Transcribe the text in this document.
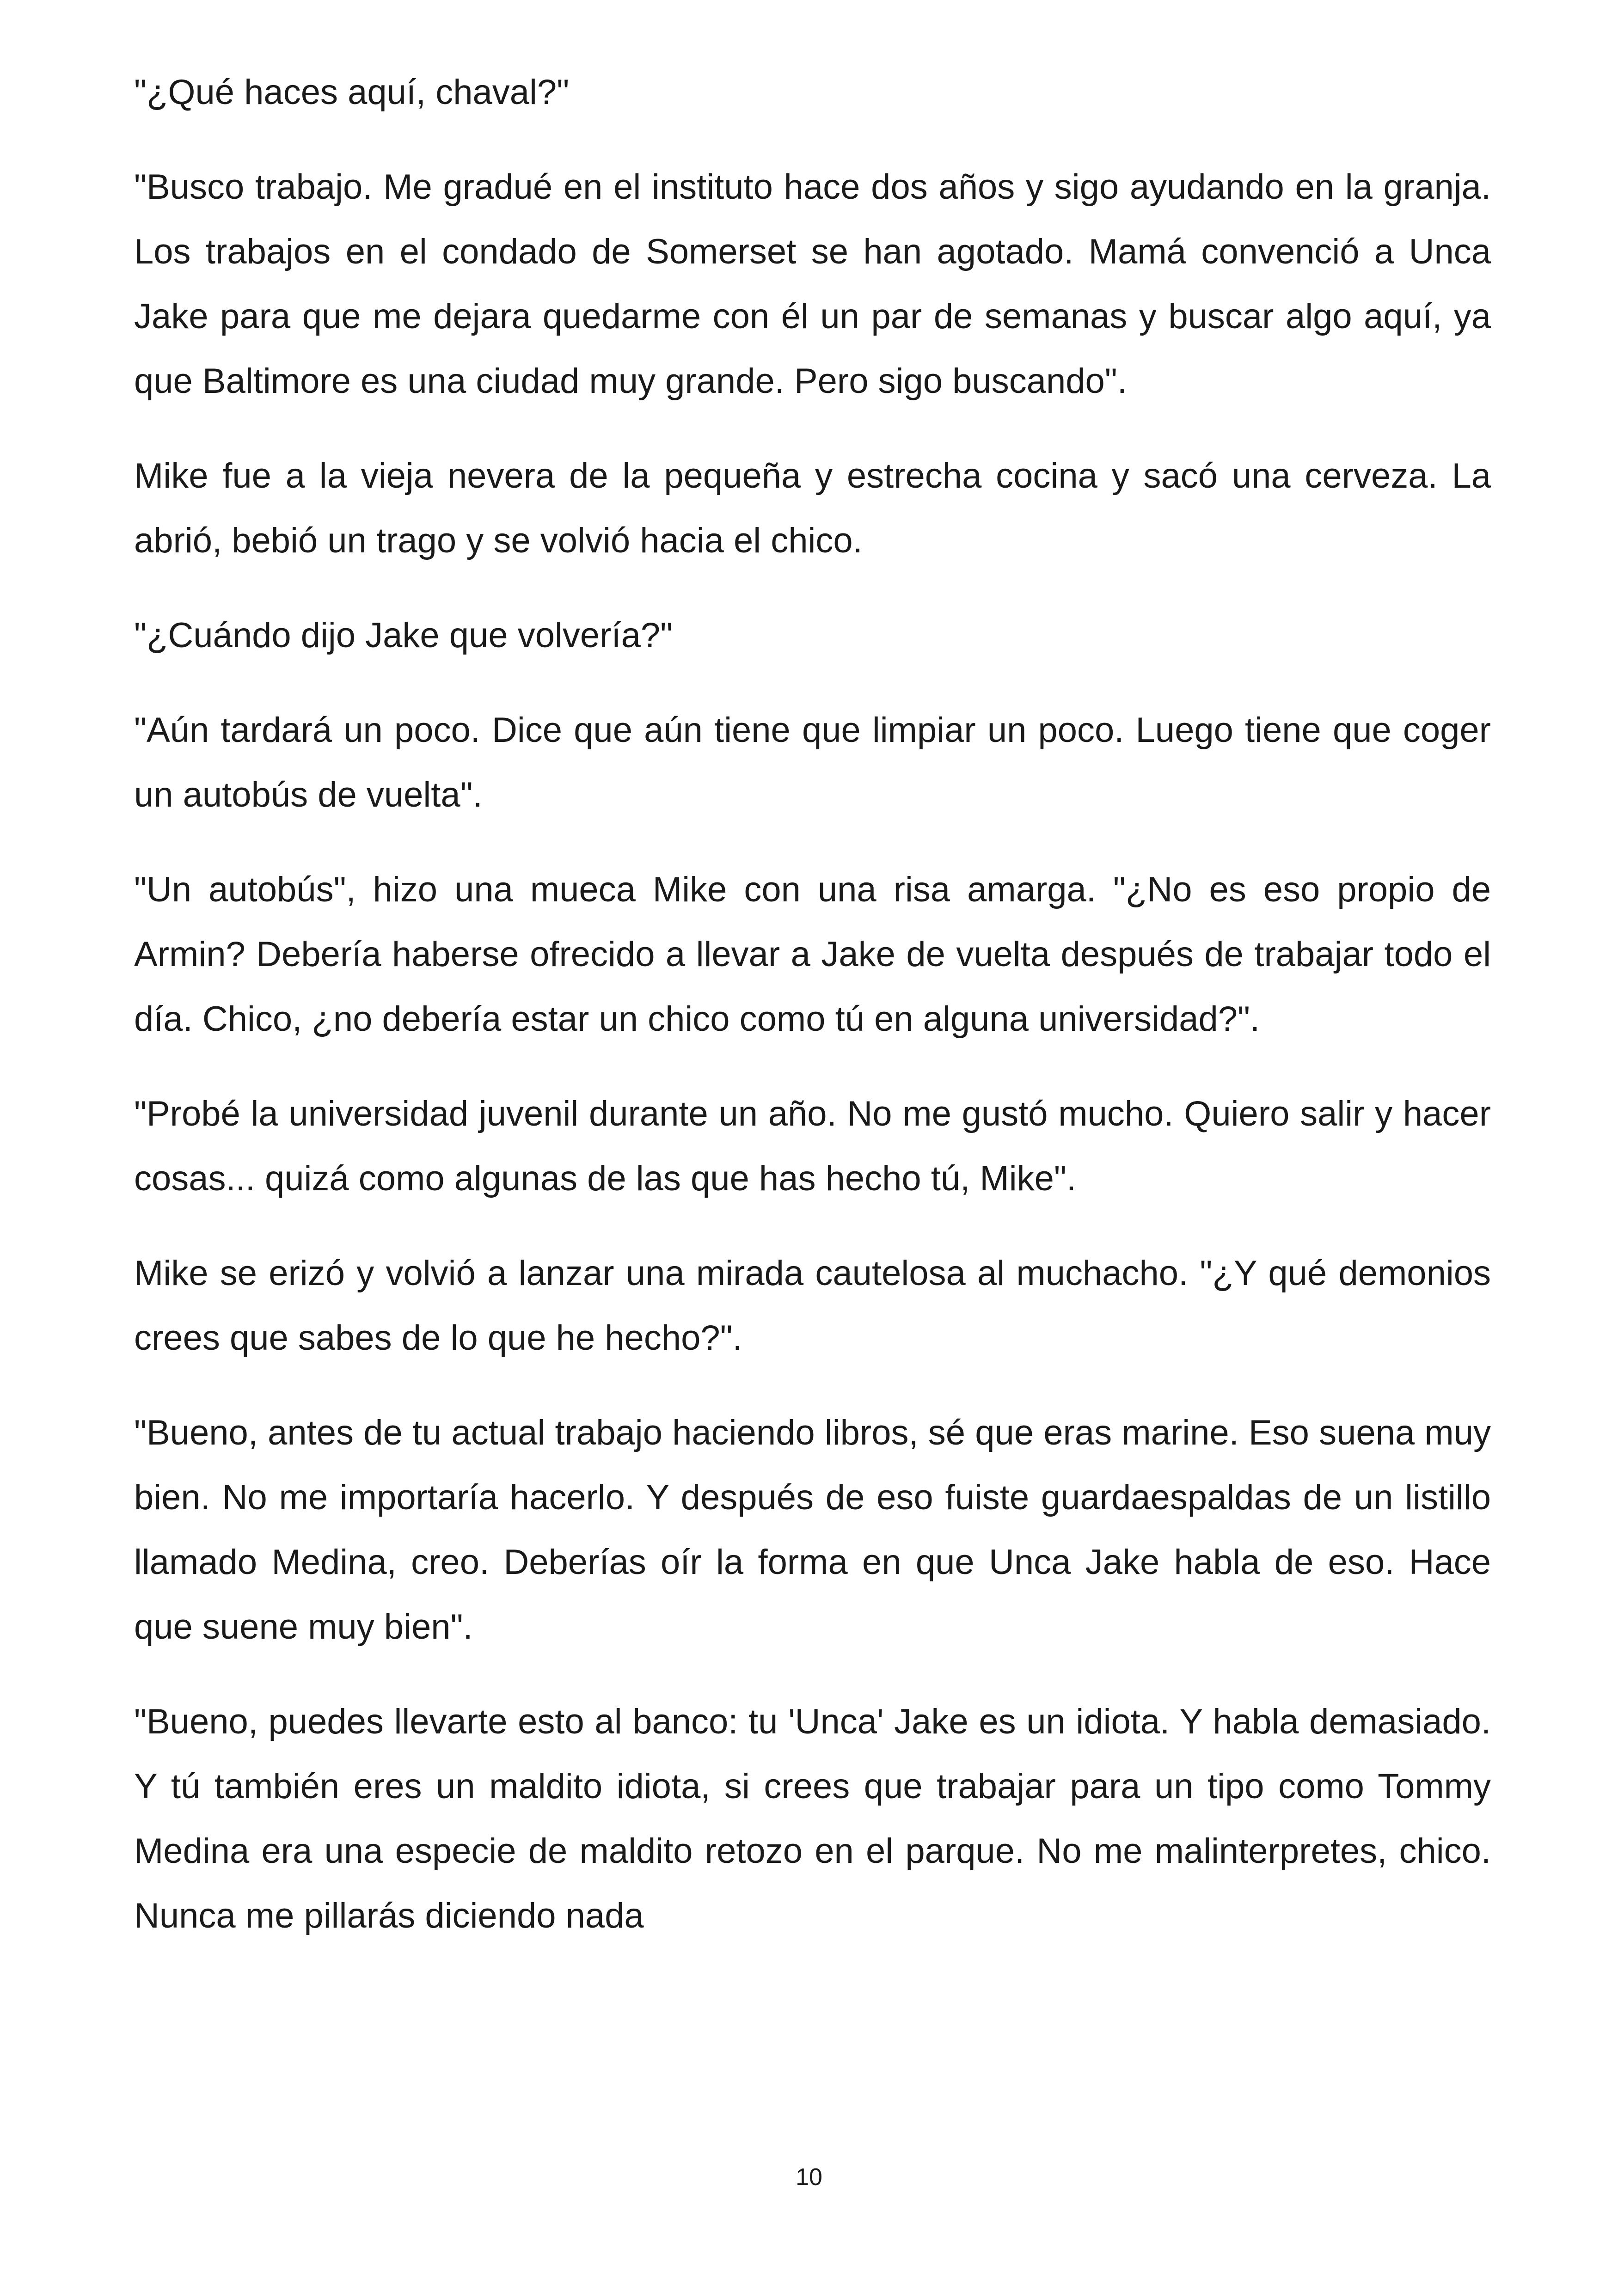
"¿Qué haces aquí, chaval?"

"Busco trabajo. Me gradué en el instituto hace dos años y sigo ayudando en la granja. Los trabajos en el condado de Somerset se han agotado. Mamá convenció a Unca Jake para que me dejara quedarme con él un par de semanas y buscar algo aquí, ya que Baltimore es una ciudad muy grande. Pero sigo buscando".

Mike fue a la vieja nevera de la pequeña y estrecha cocina y sacó una cerveza. La abrió, bebió un trago y se volvió hacia el chico.

"¿Cuándo dijo Jake que volvería?"

"Aún tardará un poco. Dice que aún tiene que limpiar un poco. Luego tiene que coger un autobús de vuelta".

"Un autobús", hizo una mueca Mike con una risa amarga. "¿No es eso propio de Armin? Debería haberse ofrecido a llevar a Jake de vuelta después de trabajar todo el día. Chico, ¿no debería estar un chico como tú en alguna universidad?".

"Probé la universidad juvenil durante un año. No me gustó mucho. Quiero salir y hacer cosas... quizá como algunas de las que has hecho tú, Mike".

Mike se erizó y volvió a lanzar una mirada cautelosa al muchacho. "¿Y qué demonios crees que sabes de lo que he hecho?".

"Bueno, antes de tu actual trabajo haciendo libros, sé que eras marine. Eso suena muy bien. No me importaría hacerlo. Y después de eso fuiste guardaespaldas de un listillo llamado Medina, creo. Deberías oír la forma en que Unca Jake habla de eso. Hace que suene muy bien".

"Bueno, puedes llevarte esto al banco: tu 'Unca' Jake es un idiota. Y habla demasiado. Y tú también eres un maldito idiota, si crees que trabajar para un tipo como Tommy Medina era una especie de maldito retozo en el parque. No me malinterpretes, chico. Nunca me pillarás diciendo nada

10
